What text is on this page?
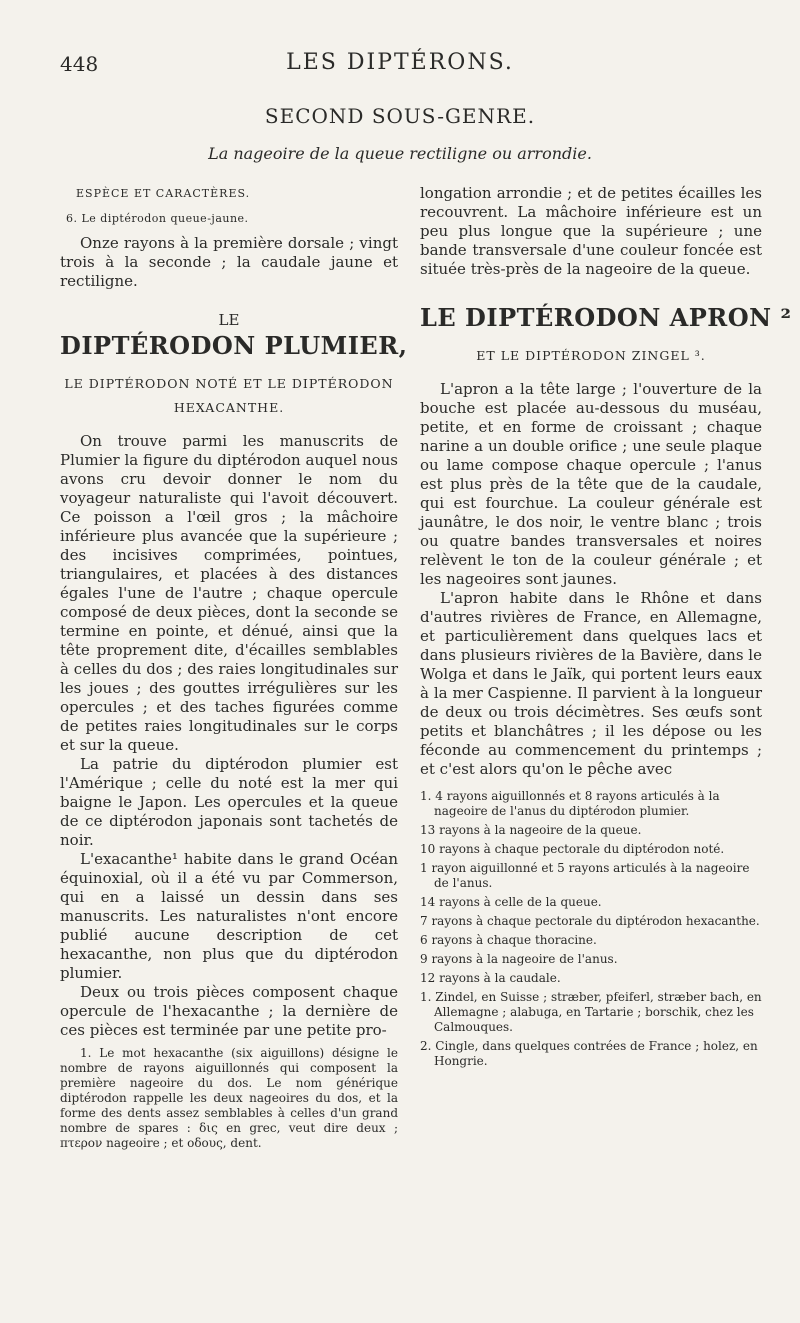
448	LES DIPTÉRONS.
SECOND SOUS-GENRE.
La nageoire de la queue rectiligne ou arrondie.

ESPÈCE ET CARACTÈRES.

6. Le diptérodon queue-jaune.

Onze rayons à la première dorsale ; vingt trois à la seconde ; la caudale jaune et rectiligne.

LE
DIPTÉRODON PLUMIER,
LE DIPTÉRODON NOTÉ ET LE DIPTÉRODON HEXACANTHE.

On trouve parmi les manuscrits de Plumier la figure du diptérodon auquel nous avons cru devoir donner le nom du voyageur naturaliste qui l'avoit découvert. Ce poisson a l'œil gros ; la mâchoire inférieure plus avancée que la supérieure ; des incisives comprimées, pointues, triangulaires, et placées à des distances égales l'une de l'autre ; chaque opercule composé de deux pièces, dont la seconde se termine en pointe, et dénué, ainsi que la tête proprement dite, d'écailles semblables à celles du dos ; des raies longitudinales sur les joues ; des gouttes irrégulières sur les opercules ; et des taches figurées comme de petites raies longitudinales sur le corps et sur la queue.

La patrie du diptérodon plumier est l'Amérique ; celle du noté est la mer qui baigne le Japon. Les opercules et la queue de ce diptérodon japonais sont tachetés de noir.

L'exacanthe¹ habite dans le grand Océan équinoxial, où il a été vu par Commerson, qui en a laissé un dessin dans ses manuscrits. Les naturalistes n'ont encore publié aucune description de cet hexacanthe, non plus que du diptérodon plumier.

Deux ou trois pièces composent chaque opercule de l'hexacanthe ; la dernière de ces pièces est terminée par une petite pro-

1. Le mot hexacanthe (six aiguillons) désigne le nombre de rayons aiguillonnés qui composent la première nageoire du dos. Le nom générique diptérodon rappelle les deux nageoires du dos, et la forme des dents assez semblables à celles d'un grand nombre de spares : δις en grec, veut dire deux ; πτερον nageoire ; et οδους, dent.

longation arrondie ; et de petites écailles les recouvrent. La mâchoire inférieure est un peu plus longue que la supérieure ; une bande transversale d'une couleur foncée est située très-près de la nageoire de la queue.

LE DIPTÉRODON APRON ²
ET LE DIPTÉRODON ZINGEL ³.

L'apron a la tête large ; l'ouverture de la bouche est placée au-dessous du muséau, petite, et en forme de croissant ; chaque narine a un double orifice ; une seule plaque ou lame compose chaque opercule ; l'anus est plus près de la tête que de la caudale, qui est fourchue. La couleur générale est jaunâtre, le dos noir, le ventre blanc ; trois ou quatre bandes transversales et noires relèvent le ton de la couleur générale ; et les nageoires sont jaunes.

L'apron habite dans le Rhône et dans d'autres rivières de France, en Allemagne, et particulièrement dans quelques lacs et dans plusieurs rivières de la Bavière, dans le Wolga et dans le Jaïk, qui portent leurs eaux à la mer Caspienne. Il parvient à la longueur de deux ou trois décimètres. Ses œufs sont petits et blanchâtres ; il les dépose ou les féconde au commencement du printemps ; et c'est alors qu'on le pêche avec

1. 4 rayons aiguillonnés et 8 rayons articulés à la nageoire de l'anus du diptérodon plumier.

13 rayons à la nageoire de la queue.

10 rayons à chaque pectorale du diptérodon noté.

1 rayon aiguillonné et 5 rayons articulés à la nageoire de l'anus.

14 rayons à celle de la queue.

7 rayons à chaque pectorale du diptérodon hexacanthe.

6 rayons à chaque thoracine.

9 rayons à la nageoire de l'anus.

12 rayons à la caudale.

1. Zindel, en Suisse ; stræber, pfeiferl, stræber bach, en Allemagne ; alabuga, en Tartarie ; borschik, chez les Calmouques.

2. Cingle, dans quelques contrées de France ; holez, en Hongrie.
